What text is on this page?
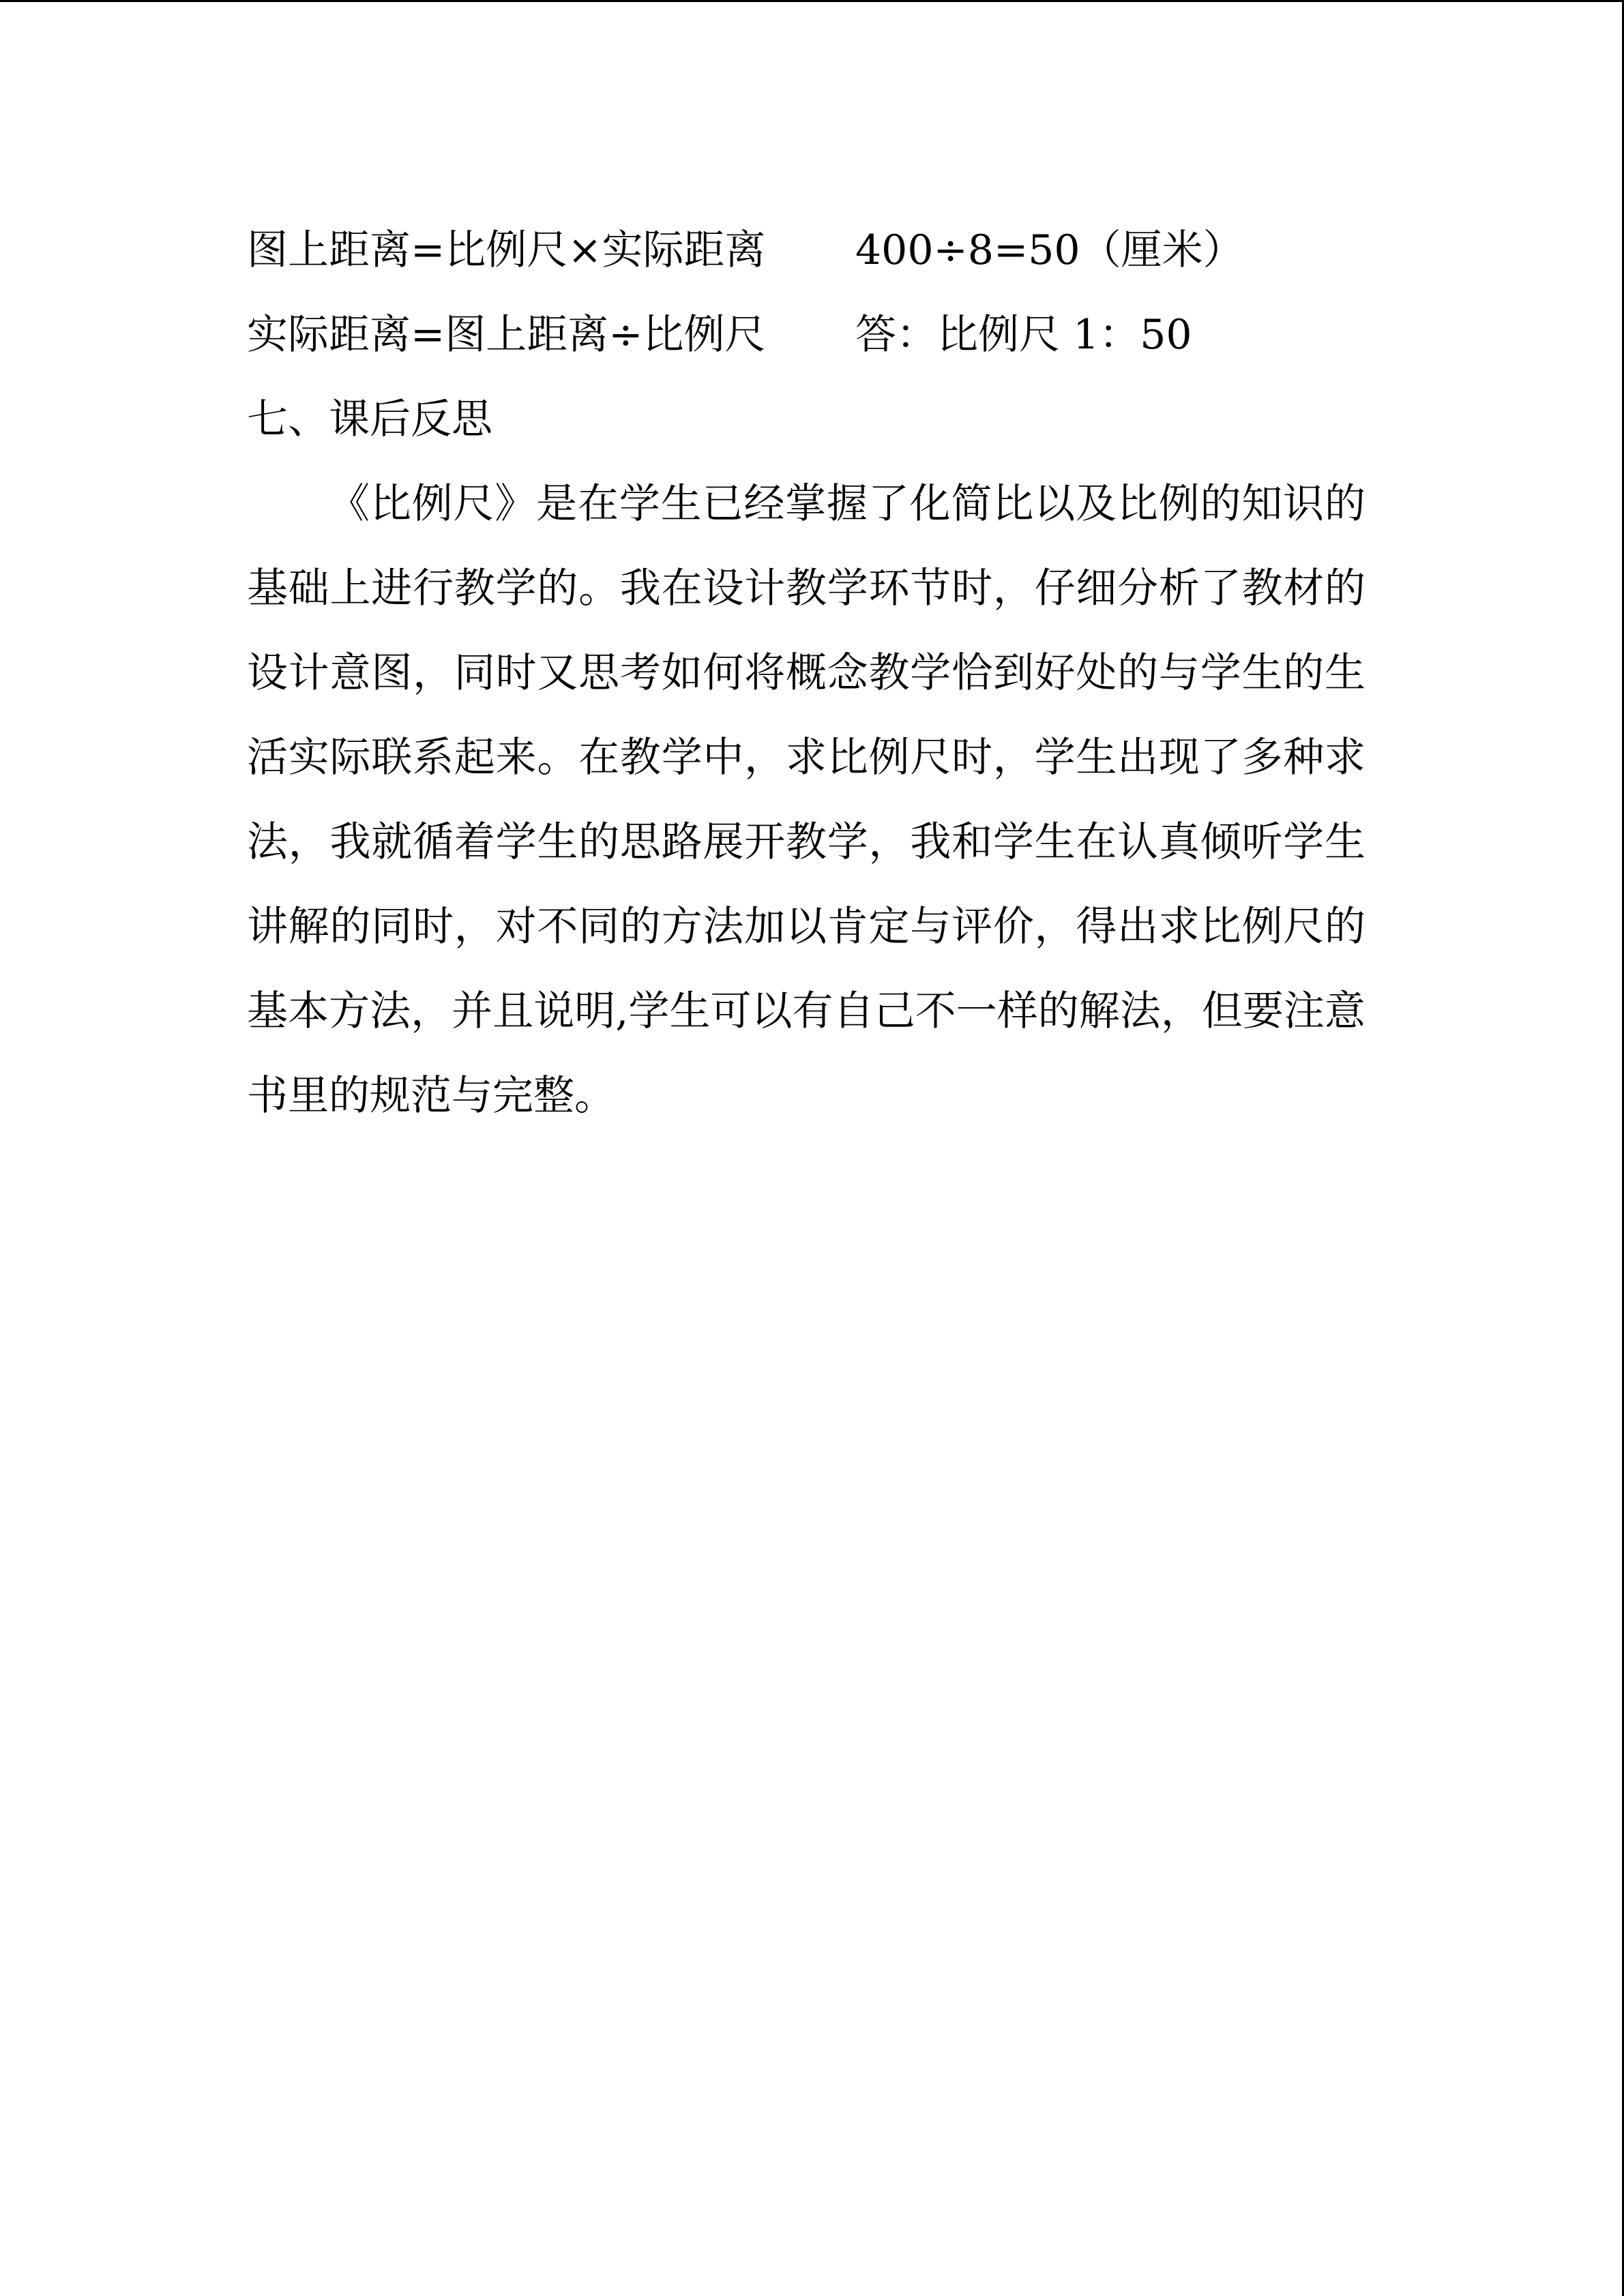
图上距离=比例尺×实际距离 400÷8=50（厘米）
实际距离=图上距离÷比例尺 答：比例尺 1：50
七、课后反思

《比例尺》是在学生已经掌握了化简比以及比例的知识的基础上进行教学的。我在设计教学环节时，仔细分析了教材的设计意图，同时又思考如何将概念教学恰到好处的与学生的生活实际联系起来。在教学中，求比例尺时，学生出现了多种求法，我就循着学生的思路展开教学，我和学生在认真倾听学生讲解的同时，对不同的方法加以肯定与评价，得出求比例尺的基本方法，并且说明,学生可以有自己不一样的解法，但要注意书里的规范与完整。
